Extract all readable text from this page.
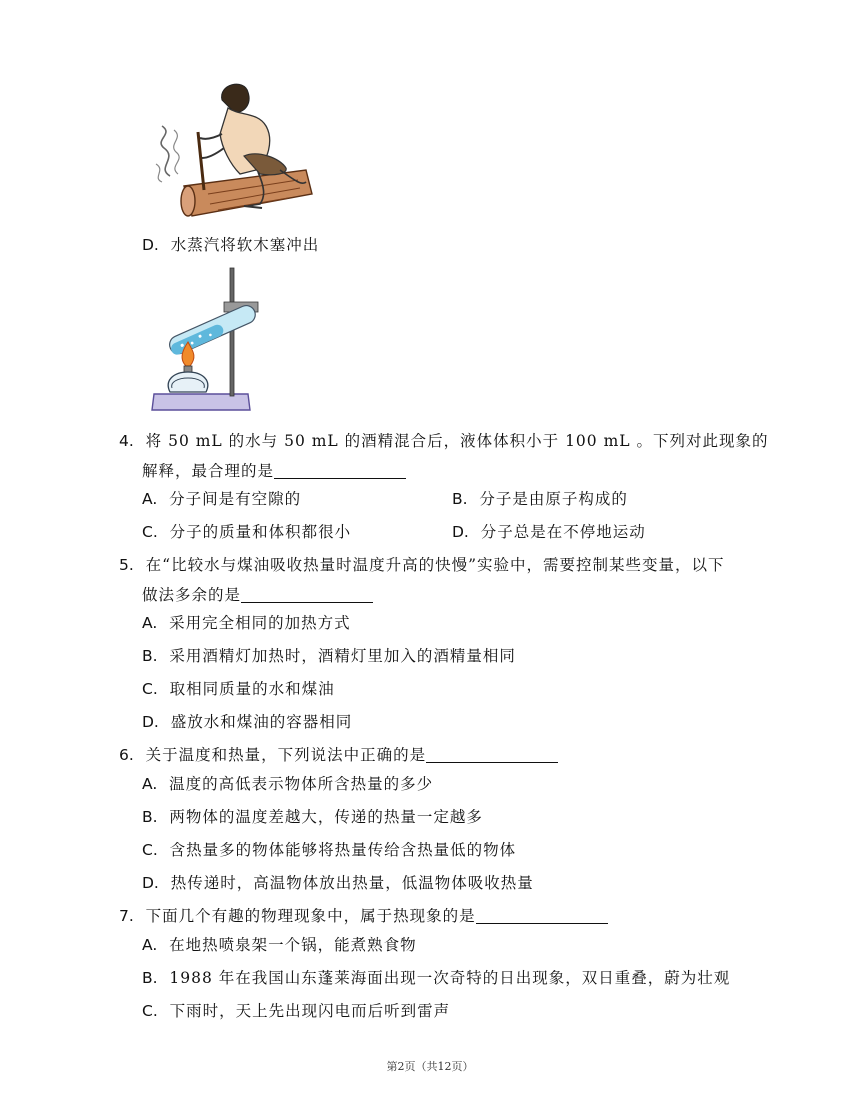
D. 水蒸汽将软木塞冲出
4. 将 50 mL 的水与 50 mL 的酒精混合后，液体体积小于 100 mL 。下列对此现象的
解释，最合理的是
A. 分子间是有空隙的	B. 分子是由原子构成的
C. 分子的质量和体积都很小	D. 分子总是在不停地运动
5. 在“比较水与煤油吸收热量时温度升高的快慢”实验中，需要控制某些变量，以下
做法多余的是
A. 采用完全相同的加热方式
B. 采用酒精灯加热时，酒精灯里加入的酒精量相同
C. 取相同质量的水和煤油
D. 盛放水和煤油的容器相同
6. 关于温度和热量，下列说法中正确的是
A. 温度的高低表示物体所含热量的多少
B. 两物体的温度差越大，传递的热量一定越多
C. 含热量多的物体能够将热量传给含热量低的物体
D. 热传递时，高温物体放出热量，低温物体吸收热量
7. 下面几个有趣的物理现象中，属于热现象的是
A. 在地热喷泉架一个锅，能煮熟食物
B. 1988 年在我国山东蓬莱海面出现一次奇特的日出现象，双日重叠，蔚为壮观
C. 下雨时，天上先出现闪电而后听到雷声
第2页（共12页）
